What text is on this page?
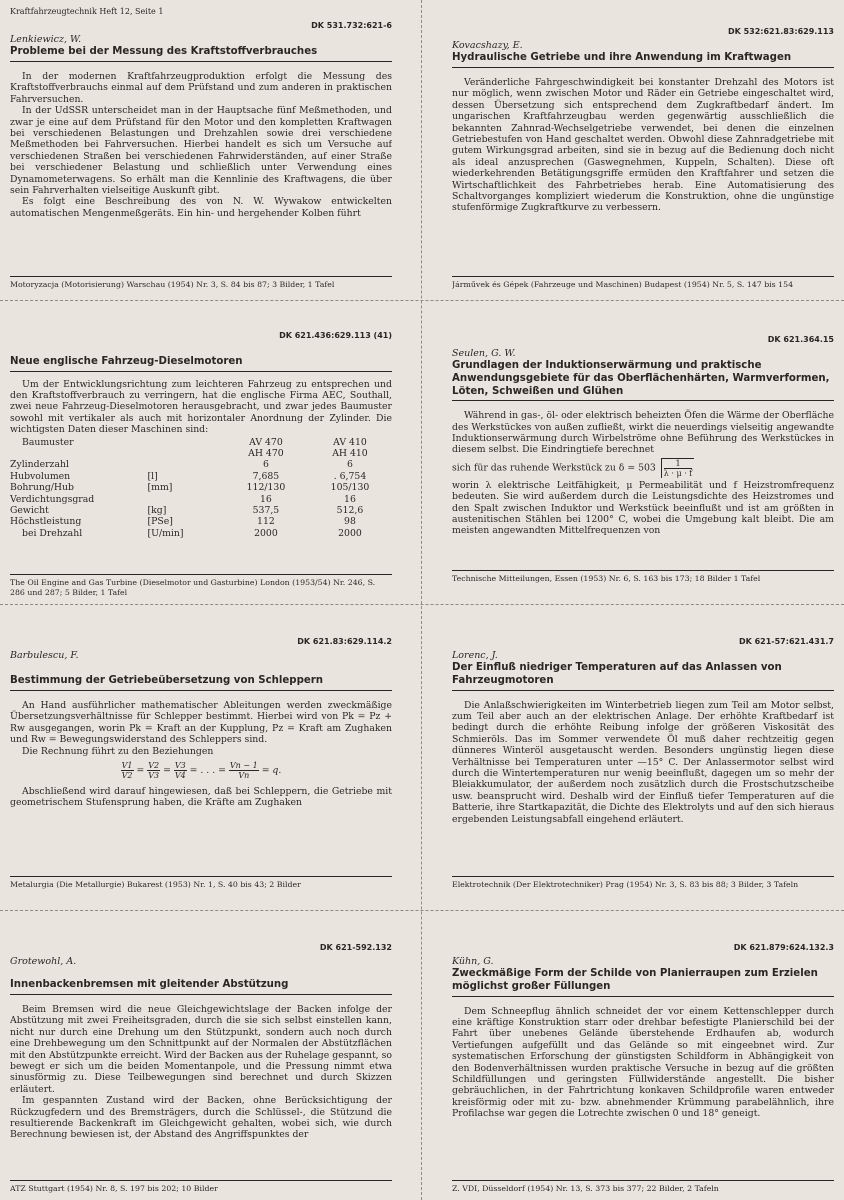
Kraftfahrzeugtechnik Heft 12, Seite 1
DK 531.732:621-6
Lenkiewicz, W.
Probleme bei der Messung des Kraftstoffverbrauches

In der modernen Kraftfahrzeugproduktion erfolgt die Messung des Kraftstoffverbrauchs einmal auf dem Prüfstand und zum anderen in praktischen Fahrversuchen.

In der UdSSR unterscheidet man in der Hauptsache fünf Meßmethoden, und zwar je eine auf dem Prüfstand für den Motor und den kompletten Kraftwagen bei verschiedenen Belastungen und Drehzahlen sowie drei verschiedene Meßmethoden bei Fahrversuchen. Hierbei handelt es sich um Versuche auf verschiedenen Straßen bei verschiedenen Fahrwiderständen, auf einer Straße bei verschiedener Belastung und schließlich unter Verwendung eines Dynamometerwagens. So erhält man die Kennlinie des Kraftwagens, die über sein Fahrverhalten vielseitige Auskunft gibt.

Es folgt eine Beschreibung des von N. W. Wywakow entwickelten automatischen Mengenmeßgeräts. Ein hin- und hergehender Kolben führt

Motoryzacja (Motorisierung) Warschau (1954) Nr. 3, S. 84 bis 87; 3 Bilder, 1 Tafel
DK 532:621.83:629.113
Kovacshazy, E.
Hydraulische Getriebe und ihre Anwendung im Kraftwagen

Veränderliche Fahrgeschwindigkeit bei konstanter Drehzahl des Motors ist nur möglich, wenn zwischen Motor und Räder ein Getriebe eingeschaltet wird, dessen Übersetzung sich entsprechend dem Zugkraftbedarf ändert. Im ungarischen Kraftfahrzeugbau werden gegenwärtig ausschließlich die bekannten Zahnrad-Wechselgetriebe verwendet, bei denen die einzelnen Getriebestufen von Hand geschaltet werden. Obwohl diese Zahnradgetriebe mit gutem Wirkungsgrad arbeiten, sind sie in bezug auf die Bedienung doch nicht als ideal anzusprechen (Gaswegnehmen, Kuppeln, Schalten). Diese oft wiederkehrenden Betätigungsgriffe ermüden den Kraftfahrer und setzen die Wirtschaftlichkeit des Fahrbetriebes herab. Eine Automatisierung des Schaltvorganges kompliziert wiederum die Konstruktion, ohne die ungünstige stufenförmige Zugkraftkurve zu verbessern.

Járművek és Gépek (Fahrzeuge und Maschinen) Budapest (1954) Nr. 5, S. 147 bis 154
DK 621.436:629.113 (41)
Neue englische Fahrzeug-Dieselmotoren

Um der Entwicklungsrichtung zum leichteren Fahrzeug zu entsprechen und den Kraftstoffverbrauch zu verringern, hat die englische Firma AEC, Southall, zwei neue Fahrzeug-Dieselmotoren herausgebracht, und zwar jedes Baumuster sowohl mit vertikaler als auch mit horizontaler Anordnung der Zylinder. Die wichtigsten Daten dieser Maschinen sind:

Baumuster		AV 470	AV 410
		AH 470	AH 410
Zylinderzahl		6	6
Hubvolumen	[l]	7,685	. 6,754
Bohrung/Hub	[mm]	112/130	105/130
Verdichtungsgrad		16	16
Gewicht	[kg]	537,5	512,6
Höchstleistung	[PSe]	112	98
bei Drehzahl	[U/min]	2000	2000
The Oil Engine and Gas Turbine (Dieselmotor und Gasturbine) London (1953/54) Nr. 246, S. 286 und 287; 5 Bilder, 1 Tafel
DK 621.364.15
Seulen, G. W.
Grundlagen der Induktionserwärmung und praktische Anwendungsgebiete für das Oberflächenhärten, Warmverformen, Löten, Schweißen und Glühen

Während in gas-, öl- oder elektrisch beheizten Öfen die Wärme der Oberfläche des Werkstückes von außen zufließt, wirkt die neuerdings vielseitig angewandte Induktionserwärmung durch Wirbelströme ohne Beführung des Werkstückes in diesem selbst. Die Eindringtiefe berechnet

sich für das ruhende Werkstück zu $\delta = 503 \frac{1}{\lambda \cdot \mu \cdot f}$

worin λ elektrische Leitfähigkeit, μ Permeabilität und f Heizstromfrequenz bedeuten. Sie wird außerdem durch die Leistungsdichte des Heizstromes und den Spalt zwischen Induktor und Werkstück beeinflußt und ist am größten in austenitischen Stählen bei 1200° C, wobei die Umgebung kalt bleibt. Die am meisten angewandten Mittelfrequenzen von

Technische Mitteilungen, Essen (1953) Nr. 6, S. 163 bis 173; 18 Bilder 1 Tafel
DK 621.83:629.114.2
Barbulescu, F.
Bestimmung der Getriebeübersetzung von Schleppern

An Hand ausführlicher mathematischer Ableitungen werden zweckmäßige Übersetzungsverhältnisse für Schlepper bestimmt. Hierbei wird von Pk = Pz + Rw ausgegangen, worin Pk = Kraft an der Kupplung, Pz = Kraft am Zughaken und Rw = Bewegungswiderstand des Schleppers sind.

Die Rechnung führt zu den Beziehungen

$\frac{V1}{V2} = \frac{V2}{V3} = \frac{V3}{V4}$ = . . . = $\frac{Vn - 1}{Vn} = q$.

Abschließend wird darauf hingewiesen, daß bei Schleppern, die Getriebe mit geometrischem Stufensprung haben, die Kräfte am Zughaken

Metalurgia (Die Metallurgie) Bukarest (1953) Nr. 1, S. 40 bis 43; 2 Bilder
DK 621-57:621.431.7
Lorenc, J.
Der Einfluß niedriger Temperaturen auf das Anlassen von Fahrzeugmotoren

Die Anlaßschwierigkeiten im Winterbetrieb liegen zum Teil am Motor selbst, zum Teil aber auch an der elektrischen Anlage. Der erhöhte Kraftbedarf ist bedingt durch die erhöhte Reibung infolge der größeren Viskosität des Schmieröls. Das im Sommer verwendete Öl muß daher rechtzeitig gegen dünneres Winteröl ausgetauscht werden. Besonders ungünstig liegen diese Verhältnisse bei Temperaturen unter —15° C. Der Anlassermotor selbst wird durch die Wintertemperaturen nur wenig beeinflußt, dagegen um so mehr der Bleiakkumulator, der außerdem noch zusätzlich durch die Frostschutzscheibe usw. beansprucht wird. Deshalb wird der Einfluß tiefer Temperaturen auf die Batterie, ihre Startkapazität, die Dichte des Elektrolyts und auf den sich hieraus ergebenden Leistungsabfall eingehend erläutert.

Elektrotechnik (Der Elektrotechniker) Prag (1954) Nr. 3, S. 83 bis 88; 3 Bilder, 3 Tafeln
DK 621-592.132
Grotewohl, A.
Innenbackenbremsen mit gleitender Abstützung

Beim Bremsen wird die neue Gleichgewichtslage der Backen infolge der Abstützung mit zwei Freiheitsgraden, durch die sie sich selbst einstellen kann, nicht nur durch eine Drehung um den Stützpunkt, sondern auch noch durch eine Drehbewegung um den Schnittpunkt auf der Normalen der Abstützflächen mit den Abstützpunkte erreicht. Wird der Backen aus der Ruhelage gespannt, so bewegt er sich um die beiden Momentanpole, und die Pressung nimmt etwa sinusförmig zu. Diese Teilbewegungen sind berechnet und durch Skizzen erläutert.

Im gespannten Zustand wird der Backen, ohne Berücksichtigung der Rückzugfedern und des Bremsträgers, durch die Schlüssel-, die Stützund die resultierende Backenkraft im Gleichgewicht gehalten, wobei sich, wie durch Berechnung bewiesen ist, der Abstand des Angriffspunktes der

ATZ Stuttgart (1954) Nr. 8, S. 197 bis 202; 10 Bilder
DK 621.879:624.132.3
Kühn, G.
Zweckmäßige Form der Schilde von Planierraupen zum Erzielen möglichst großer Füllungen

Dem Schneepflug ähnlich schneidet der vor einem Kettenschlepper durch eine kräftige Konstruktion starr oder drehbar befestigte Planierschild bei der Fahrt über unebenes Gelände überstehende Erdhaufen ab, wodurch Vertiefungen aufgefüllt und das Gelände so mit eingeebnet wird. Zur systematischen Erforschung der günstigsten Schildform in Abhängigkeit von den Bodenverhältnissen wurden praktische Versuche in bezug auf die größten Schildfüllungen und geringsten Füllwiderstände angestellt. Die bisher gebräuchlichen, in der Fahrtrichtung konkaven Schildprofile waren entweder kreisförmig oder mit zu- bzw. abnehmender Krümmung parabelähnlich, ihre Profilachse war gegen die Lotrechte zwischen 0 und 18° geneigt.

Z. VDI, Düsseldorf (1954) Nr. 13, S. 373 bis 377; 22 Bilder, 2 Tafeln
